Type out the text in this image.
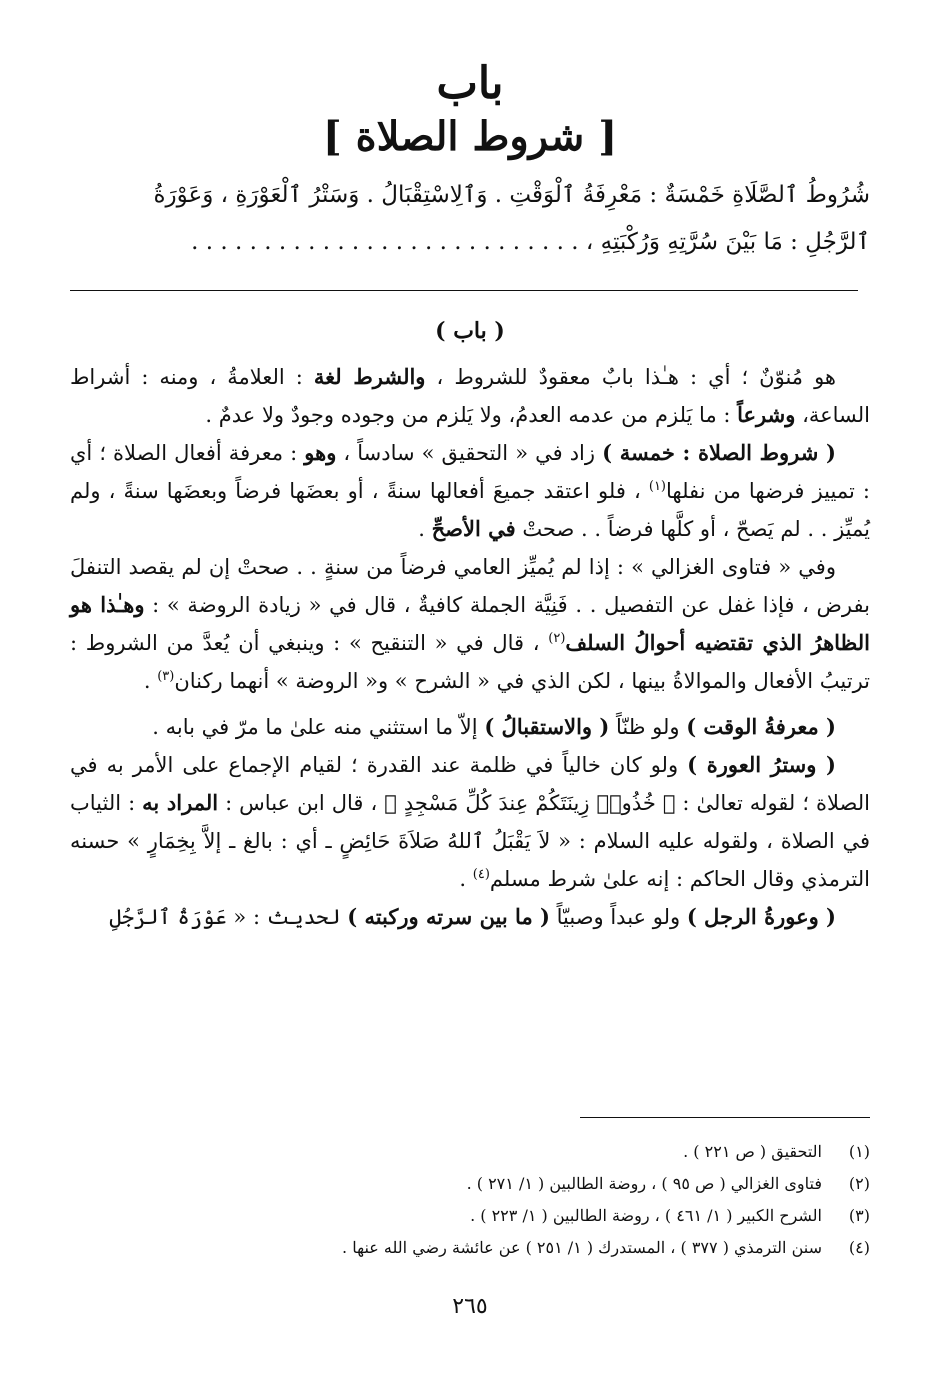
باب
[ شروط الصلاة ]
شُرُوطُ ٱلصَّلَاةِ خَمْسَةٌ : مَعْرِفَةُ ٱلْوَقْتِ . وَٱلِاسْتِقْبَالُ . وَسَتْرُ ٱلْعَوْرَةِ ، وَعَوْرَةُ
ٱلرَّجُلِ : مَا بَيْنَ سُرَّتِهِ وَرُكْبَتِهِ ، . . . . . . . . . . . . . . . . . . . . . . . . . . .
( باب )

هو مُنوّنٌ ؛ أي : هـٰذا بابٌ معقودٌ للشروط ، والشرط لغة : العلامةُ ، ومنه : أشراط الساعة، وشرعاً : ما يَلزم من عدمه العدمُ، ولا يَلزم من وجوده وجودٌ ولا عدمٌ .

( شروط الصلاة : خمسة ) زاد في « التحقيق » سادساً ، وهو : معرفة أفعال الصلاة ؛ أي : تمييز فرضها من نفلها$^{(١)}$ ، فلو اعتقد جميعَ أفعالها سنةً ، أو بعضَها فرضاً وبعضَها سنةً ، ولم يُميِّز . . لم يَصحّ ، أو كلَّها فرضاً . . صحتْ في الأصحِّ .

وفي « فتاوى الغزالي » : إذا لم يُميِّز العامي فرضاً من سنةٍ . . صحتْ إن لم يقصد التنفلَ بفرض ، فإذا غفل عن التفصيل . . فَنِيَّة الجملة كافيةٌ ، قال في « زيادة الروضة » : وهـٰذا هو الظاهرُ الذي تقتضيه أحوالُ السلف$^{(٢)}$ ، قال في « التنقيح » : وينبغي أن يُعدَّ من الشروط : ترتيبُ الأفعال والموالاةُ بينها ، لكن الذي في « الشرح » و« الروضة » أنهما ركنان$^{(٣)}$ .

( معرفةُ الوقت ) ولو ظنّاً ( والاستقبالُ ) إلاّ ما استثني منه علىٰ ما مرّ في بابه .

( وسترُ العورة ) ولو كان خالياً في ظلمة عند القدرة ؛ لقيام الإجماع على الأمر به في الصلاة ؛ لقوله تعالىٰ : ﴿ خُذُوا۟ زِينَتَكُمْ عِندَ كُلِّ مَسْجِدٍ ﴾ ، قال ابن عباس : المراد به : الثياب في الصلاة ، ولقوله عليه السلام : « لاَ يَقْبَلُ ٱللهُ صَلاَةَ حَائِضٍ ـ أي : بالغ ـ إلاَّ بِخِمَارٍ » حسنه الترمذي وقال الحاكم : إنه علىٰ شرط مسلم$^{(٤)}$ .

( وعورةُ الرجل ) ولو عبداً وصبيّاً ( ما بين سرته وركبته ) لحديث : « عَوْرَةُ ٱلرَّجُلِ

(١)
التحقيق ( ص ٢٢١ ) .
(٢)
فتاوى الغزالي ( ص ٩٥ ) ، روضة الطالبين ( ١/ ٢٧١ ) .
(٣)
الشرح الكبير ( ١/ ٤٦١ ) ، روضة الطالبين ( ١/ ٢٢٣ ) .
(٤)
سنن الترمذي ( ٣٧٧ ) ، المستدرك ( ١/ ٢٥١ ) عن عائشة رضي الله عنها .
٢٦٥
